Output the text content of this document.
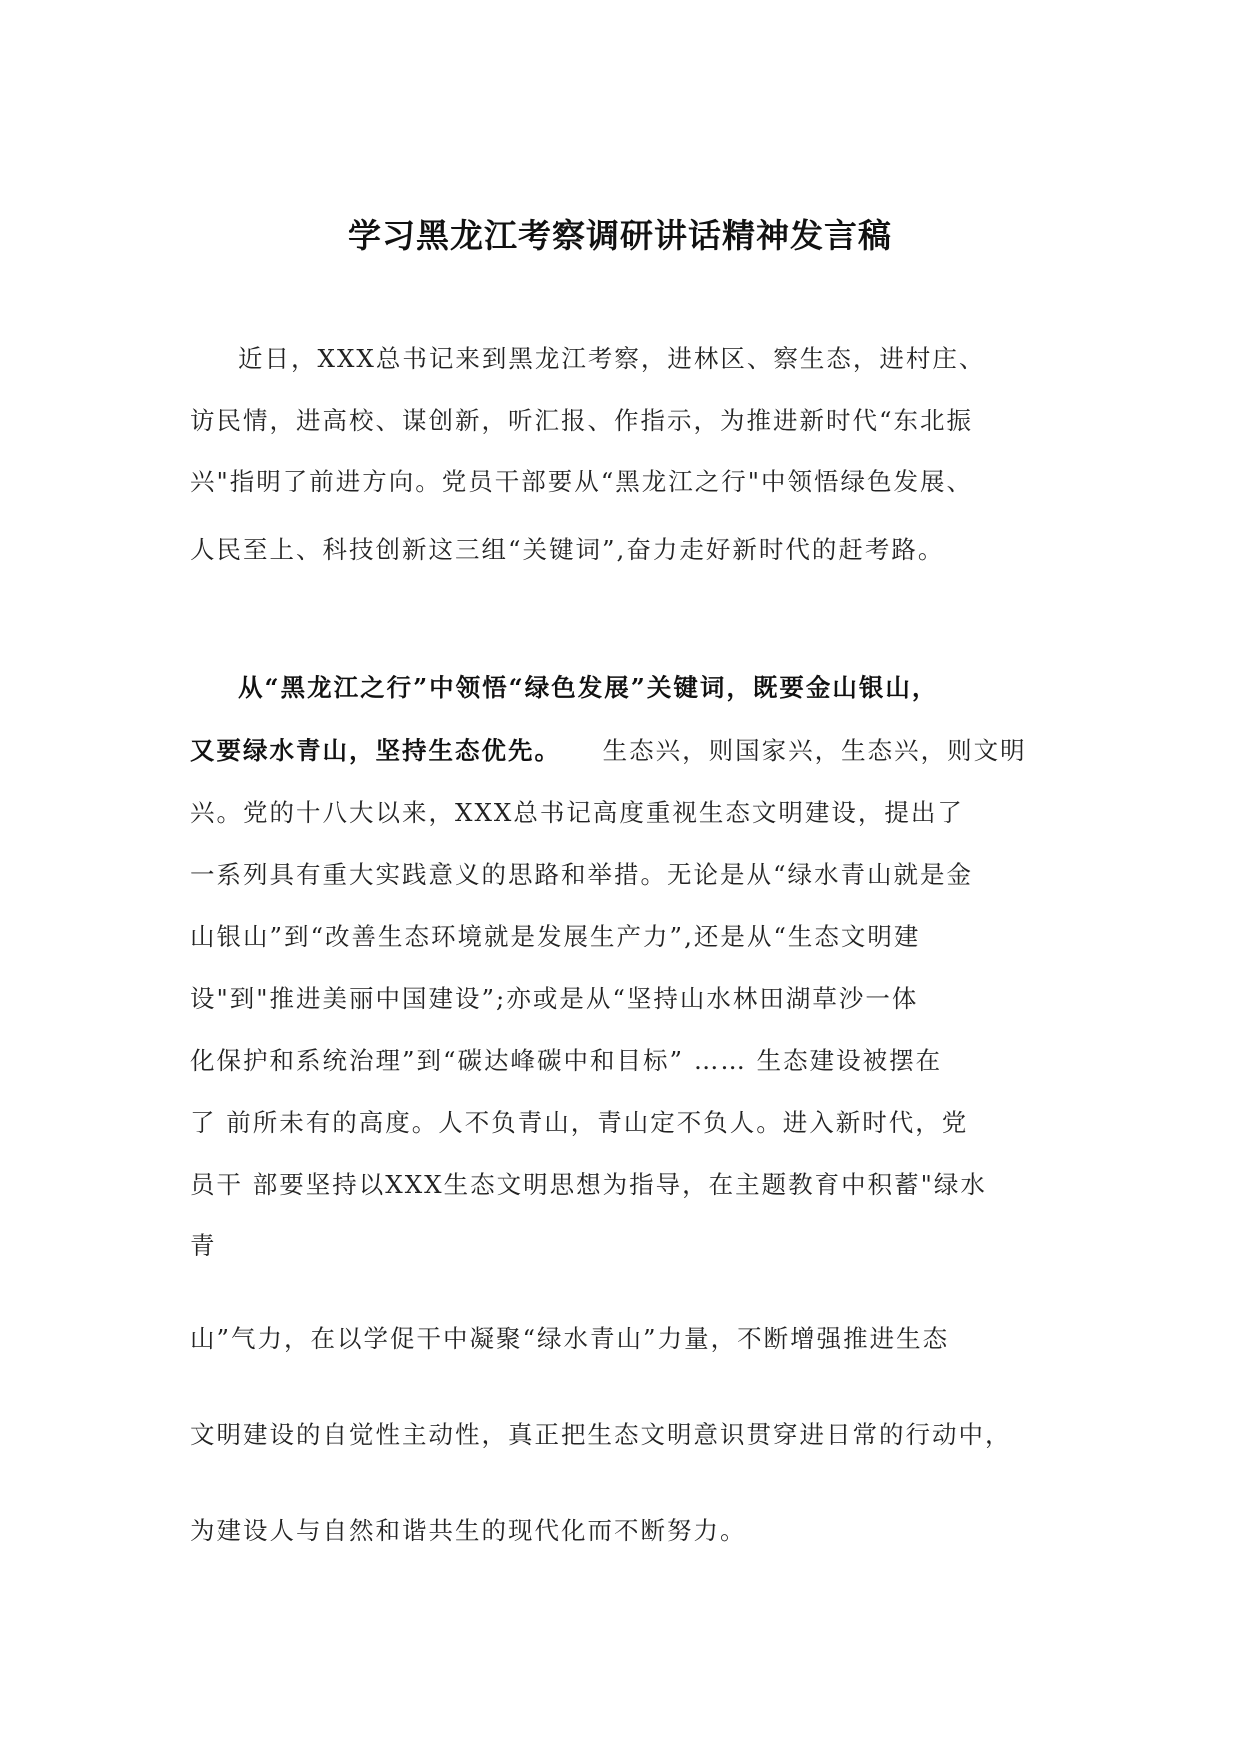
学习黑龙江考察调研讲话精神发言稿
近日，XXX总书记来到黑龙江考察，进林区、察生态，进村庄、
访民情，进高校、谋创新，听汇报、作指示，为推进新时代“东北振
兴"指明了前进方向。党员干部要从“黑龙江之行"中领悟绿色发展、
人民至上、科技创新这三组“关键词”,奋力走好新时代的赶考路。
从“黑龙江之行”中领悟“绿色发展”关键词，既要金山银山，
又要绿水青山，坚持生态优先。 生态兴，则国家兴，生态兴，则文明
兴。党的十八大以来，XXX总书记高度重视生态文明建设，提出了
一系列具有重大实践意义的思路和举措。无论是从“绿水青山就是金
山银山”到“改善生态环境就是发展生产力”,还是从“生态文明建
设"到"推进美丽中国建设”;亦或是从“坚持山水林田湖草沙一体
化保护和系统治理”到“碳达峰碳中和目标” …… 生态建设被摆在
了 前所未有的高度。人不负青山，青山定不负人。进入新时代，党
员干 部要坚持以XXX生态文明思想为指导，在主题教育中积蓄"绿水
青
山”气力，在以学促干中凝聚“绿水青山”力量，不断增强推进生态
文明建设的自觉性主动性，真正把生态文明意识贯穿进日常的行动中，
为建设人与自然和谐共生的现代化而不断努力。
